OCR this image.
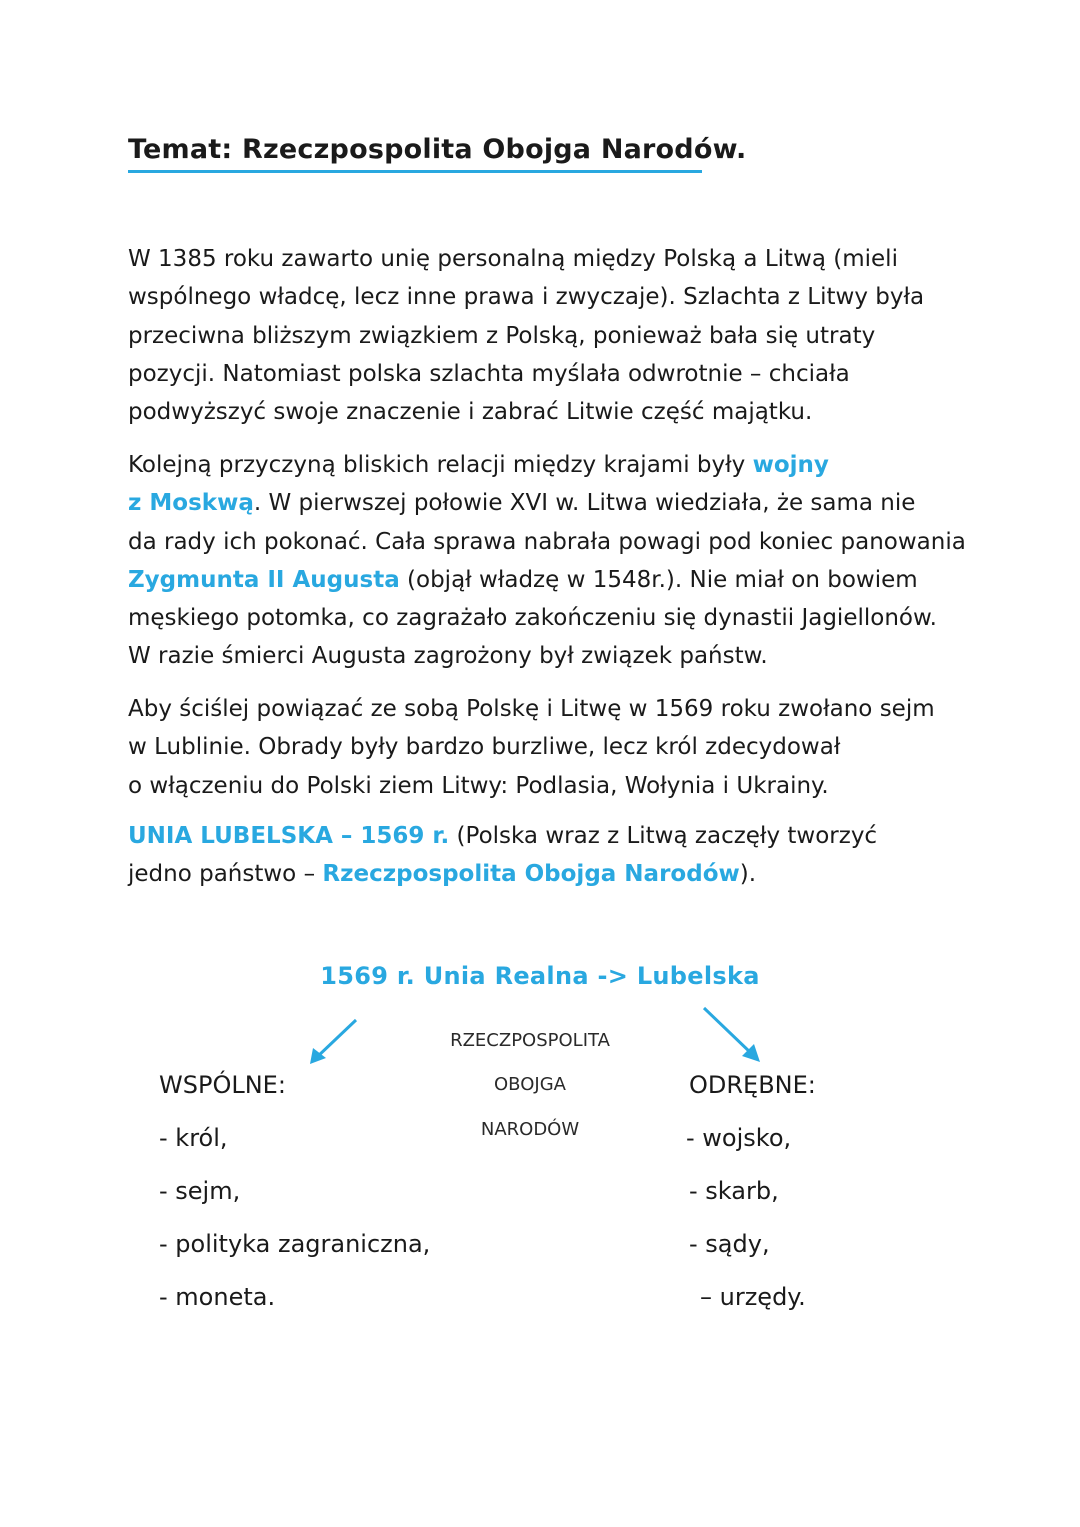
Temat: Rzeczpospolita Obojga Narodów.
W 1385 roku zawarto unię personalną między Polską a Litwą (mieli
wspólnego władcę, lecz inne prawa i zwyczaje). Szlachta z Litwy była
przeciwna bliższym związkiem z Polską, ponieważ bała się utraty
pozycji. Natomiast polska szlachta myślała odwrotnie – chciała
podwyższyć swoje znaczenie i zabrać Litwie część majątku.
Kolejną przyczyną bliskich relacji między krajami były wojny
z Moskwą. W pierwszej połowie XVI w. Litwa wiedziała, że sama nie
da rady ich pokonać. Cała sprawa nabrała powagi pod koniec panowania
Zygmunta II Augusta (objął władzę w 1548r.). Nie miał on bowiem
męskiego potomka, co zagrażało zakończeniu się dynastii Jagiellonów.
W razie śmierci Augusta zagrożony był związek państw.
Aby ściślej powiązać ze sobą Polskę i Litwę w 1569 roku zwołano sejm
w Lublinie. Obrady były bardzo burzliwe, lecz król zdecydował
o włączeniu do Polski ziem Litwy: Podlasia, Wołynia i Ukrainy.
UNIA LUBELSKA – 1569 r. (Polska wraz z Litwą zaczęły tworzyć
jedno państwo – Rzeczpospolita Obojga Narodów).
1569 r. Unia Realna -> Lubelska
RZECZPOSPOLITA
OBOJGA
NARODÓW
WSPÓLNE:
- król,
- sejm,
- polityka zagraniczna,
- moneta.
ODRĘBNE:
- wojsko,
- skarb,
- sądy,
– urzędy.
